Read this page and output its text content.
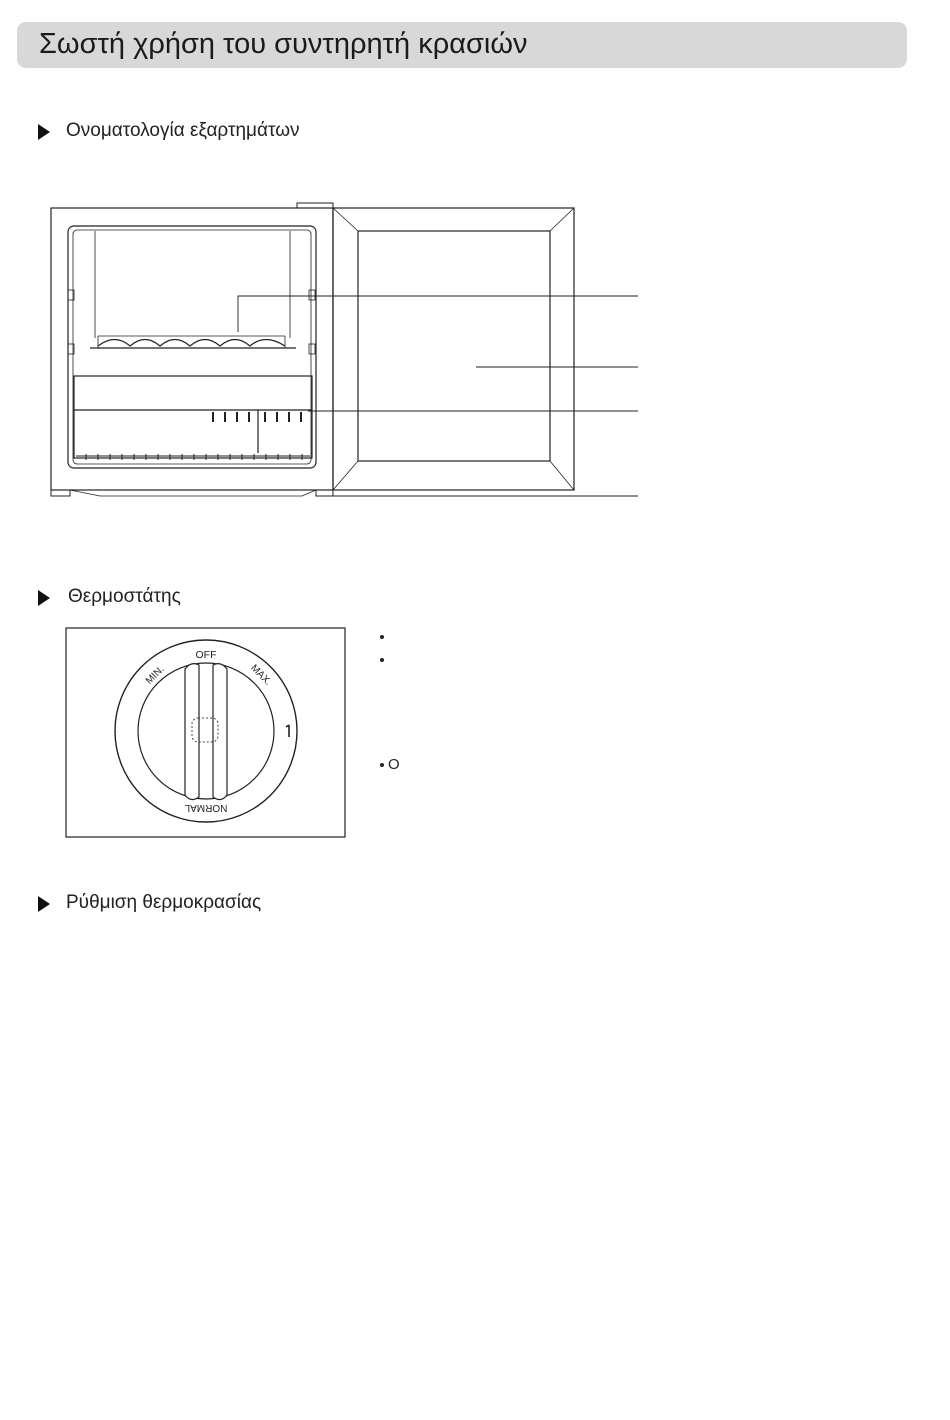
Σωστή χρήση του συντηρητή κρασιών
Ονοματολογία εξαρτημάτων
Θερμοστάτης
OFF
MIN.	MAX.
NORMAL
O
Ρύθμιση θερμοκρασίας
